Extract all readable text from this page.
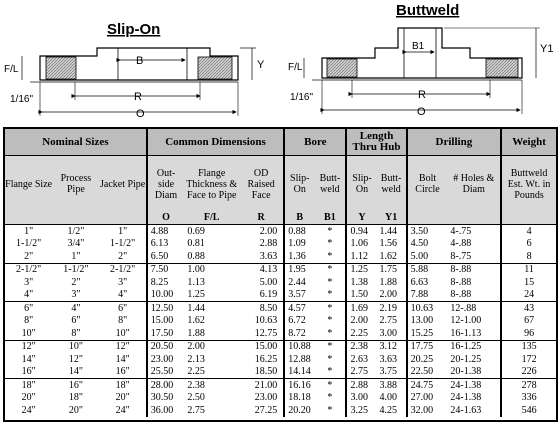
Slip-On
B	Y
F/L
1/16"	R
O
Buttweld
B1	Y1
F/L
1/16"	R
O
Nominal Sizes			Common Dimensions			Bore		Length Thru Hub		Drilling		Weight
Flange Size	Process Pipe	Jacket Pipe	Out- side Diam	Flange Thickness & Face to Pipe	OD Raised Face	Slip- On	Butt- weld	Slip- On	Butt- weld	Bolt Circle	# Holes & Diam	Buttweld Est. Wt. in Pounds
			O	F/L	R	B	B1	Y	Y1			
1"	1/2"	1"	4.88	0.69	2.00	0.88	*	0.94	1.44	3.50	4-.75	4
1-1/2"	3/4"	1-1/2"	6.13	0.81	2.88	1.09	*	1.06	1.56	4.50	4-.88	6
2"	1"	2"	6.50	0.88	3.63	1.36	*	1.12	1.62	5.00	8-.75	8
2-1/2"	1-1/2"	2-1/2"	7.50	1.00	4.13	1.95	*	1.25	1.75	5.88	8-.88	11
3"	2"	3"	8.25	1.13	5.00	2.44	*	1.38	1.88	6.63	8-.88	15
4"	3"	4"	10.00	1.25	6.19	3.57	*	1.50	2.00	7.88	8-.88	24
6"	4"	6"	12.50	1.44	8.50	4.57	*	1.69	2.19	10.63	12-.88	43
8"	6"	8"	15.00	1.62	10.63	6.72	*	2.00	2.75	13.00	12-1.00	67
10"	8"	10"	17.50	1.88	12.75	8.72	*	2.25	3.00	15.25	16-1.13	96
12"	10"	12"	20.50	2.00	15.00	10.88	*	2.38	3.12	17.75	16-1.25	135
14"	12"	14"	23.00	2.13	16.25	12.88	*	2.63	3.63	20.25	20-1.25	172
16"	14"	16"	25.50	2.25	18.50	14.14	*	2.75	3.75	22.50	20-1.38	226
18"	16"	18"	28.00	2.38	21.00	16.16	*	2.88	3.88	24.75	24-1.38	278
20"	18"	20"	30.50	2.50	23.00	18.18	*	3.00	4.00	27.00	24-1.38	336
24"	20"	24"	36.00	2.75	27.25	20.20	*	3.25	4.25	32.00	24-1.63	546
